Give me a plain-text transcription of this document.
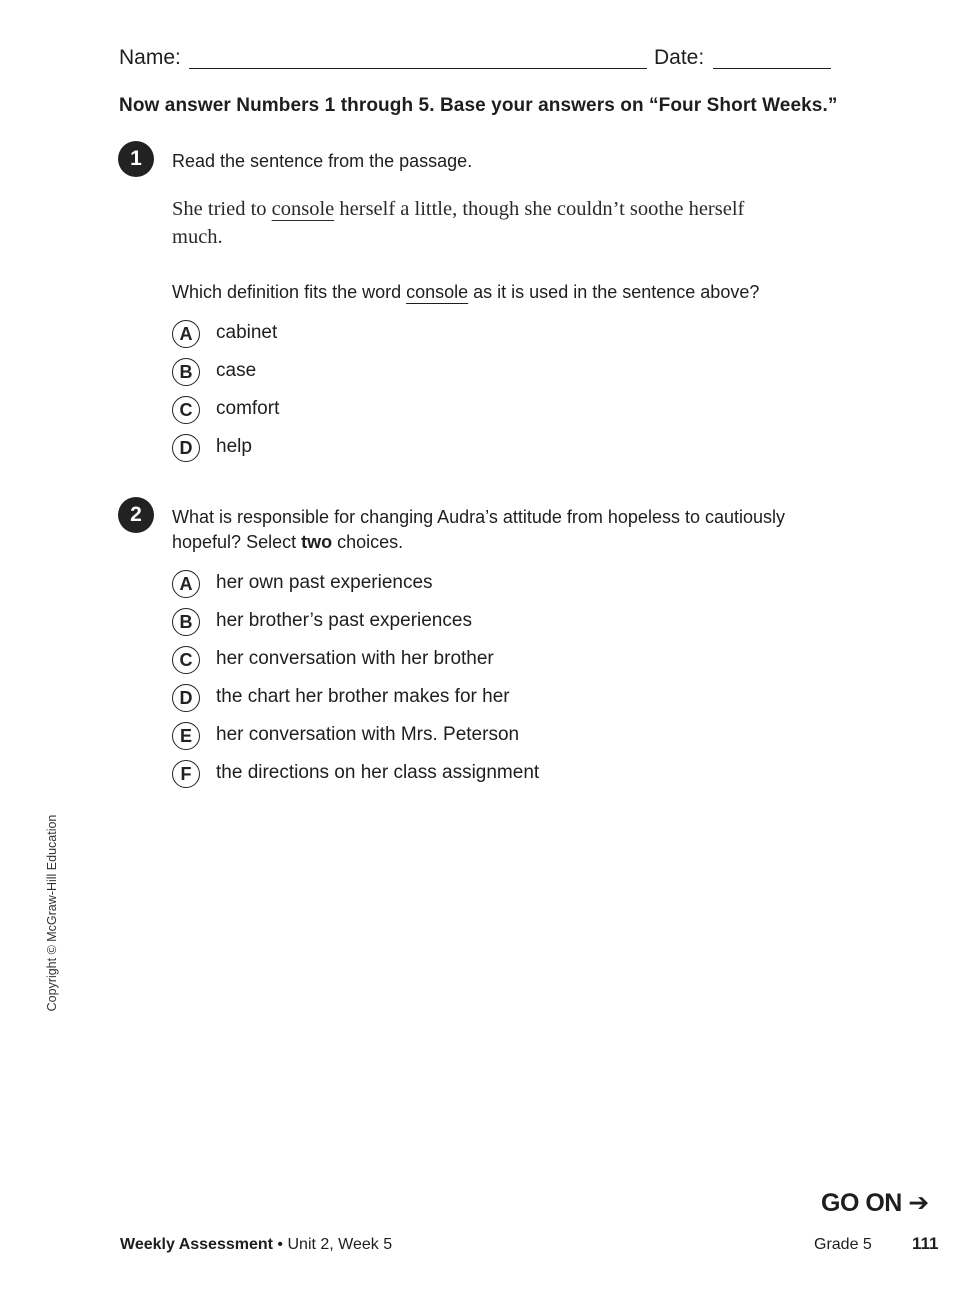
Name:	Date:
Now answer Numbers 1 through 5. Base your answers on “Four Short Weeks.”
1	Read the sentence from the passage.
She tried to console herself a little, though she couldn’t soothe herself much.
Which definition fits the word console as it is used in the sentence above?
A	cabinet
B	case
C	comfort
D	help
2	What is responsible for changing Audra’s attitude from hopeless to cautiously hopeful? Select two choices.
A	her own past experiences
B	her brother’s past experiences
C	her conversation with her brother
D	the chart her brother makes for her
E	her conversation with Mrs. Peterson
F	the directions on her class assignment
Copyright © McGraw-Hill Education
GO ON ➔
Weekly Assessment • Unit 2, Week 5	Grade 5 111
